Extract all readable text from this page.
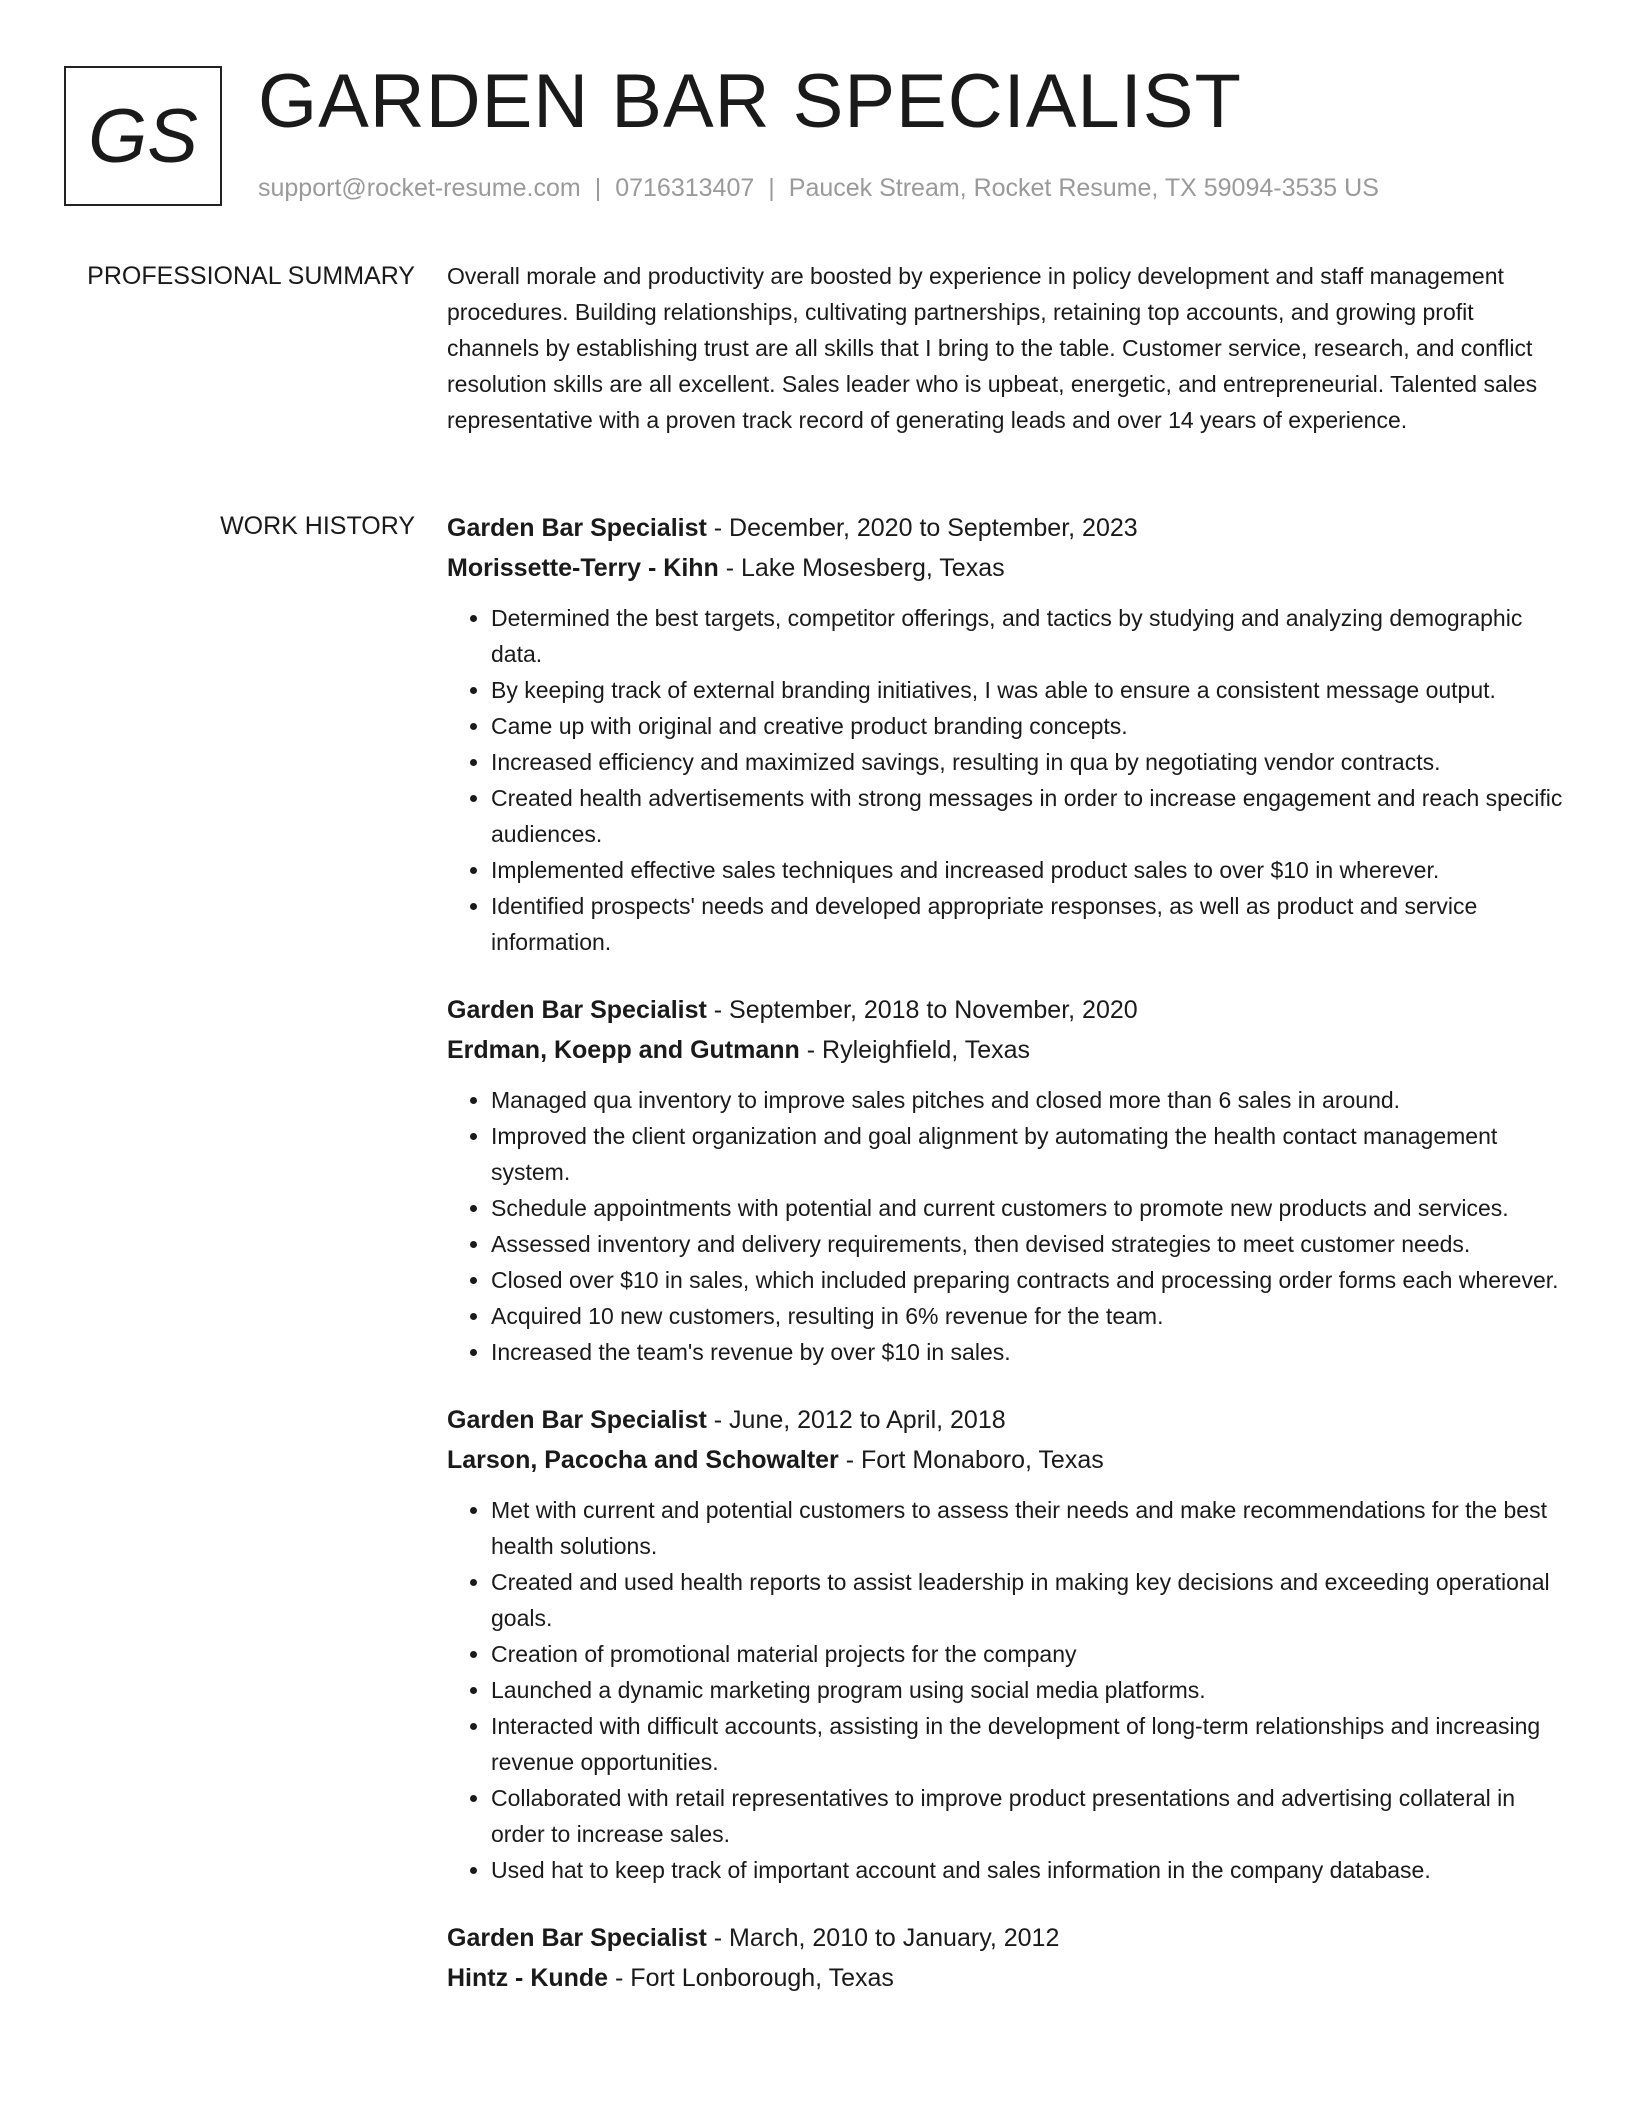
GS GARDEN BAR SPECIALIST
support@rocket-resume.com | 0716313407 | Paucek Stream, Rocket Resume, TX 59094-3535 US
PROFESSIONAL SUMMARY Overall morale and productivity are boosted by experience in policy development and staff management procedures. Building relationships, cultivating partnerships, retaining top accounts, and growing profit channels by establishing trust are all skills that I bring to the table. Customer service, research, and conflict resolution skills are all excellent. Sales leader who is upbeat, energetic, and entrepreneurial. Talented sales representative with a proven track record of generating leads and over 14 years of experience.

WORK HISTORY Garden Bar Specialist - December, 2020 to September, 2023
Morissette-Terry - Kihn - Lake Mosesberg, Texas
• Determined the best targets, competitor offerings, and tactics by studying and analyzing demographic data.
• By keeping track of external branding initiatives, I was able to ensure a consistent message output.
• Came up with original and creative product branding concepts.
• Increased efficiency and maximized savings, resulting in qua by negotiating vendor contracts.
• Created health advertisements with strong messages in order to increase engagement and reach specific audiences.
• Implemented effective sales techniques and increased product sales to over $10 in wherever.
• Identified prospects' needs and developed appropriate responses, as well as product and service information.
Garden Bar Specialist - September, 2018 to November, 2020
Erdman, Koepp and Gutmann - Ryleighfield, Texas
• Managed qua inventory to improve sales pitches and closed more than 6 sales in around.
• Improved the client organization and goal alignment by automating the health contact management system.
• Schedule appointments with potential and current customers to promote new products and services.
• Assessed inventory and delivery requirements, then devised strategies to meet customer needs.
• Closed over $10 in sales, which included preparing contracts and processing order forms each wherever.
• Acquired 10 new customers, resulting in 6% revenue for the team.
• Increased the team's revenue by over $10 in sales.
Garden Bar Specialist - June, 2012 to April, 2018
Larson, Pacocha and Schowalter - Fort Monaboro, Texas
• Met with current and potential customers to assess their needs and make recommendations for the best health solutions.
• Created and used health reports to assist leadership in making key decisions and exceeding operational goals.
• Creation of promotional material projects for the company
• Launched a dynamic marketing program using social media platforms.
• Interacted with difficult accounts, assisting in the development of long-term relationships and increasing revenue opportunities.
• Collaborated with retail representatives to improve product presentations and advertising collateral in order to increase sales.
• Used hat to keep track of important account and sales information in the company database.
Garden Bar Specialist - March, 2010 to January, 2012
Hintz - Kunde - Fort Lonborough, Texas
